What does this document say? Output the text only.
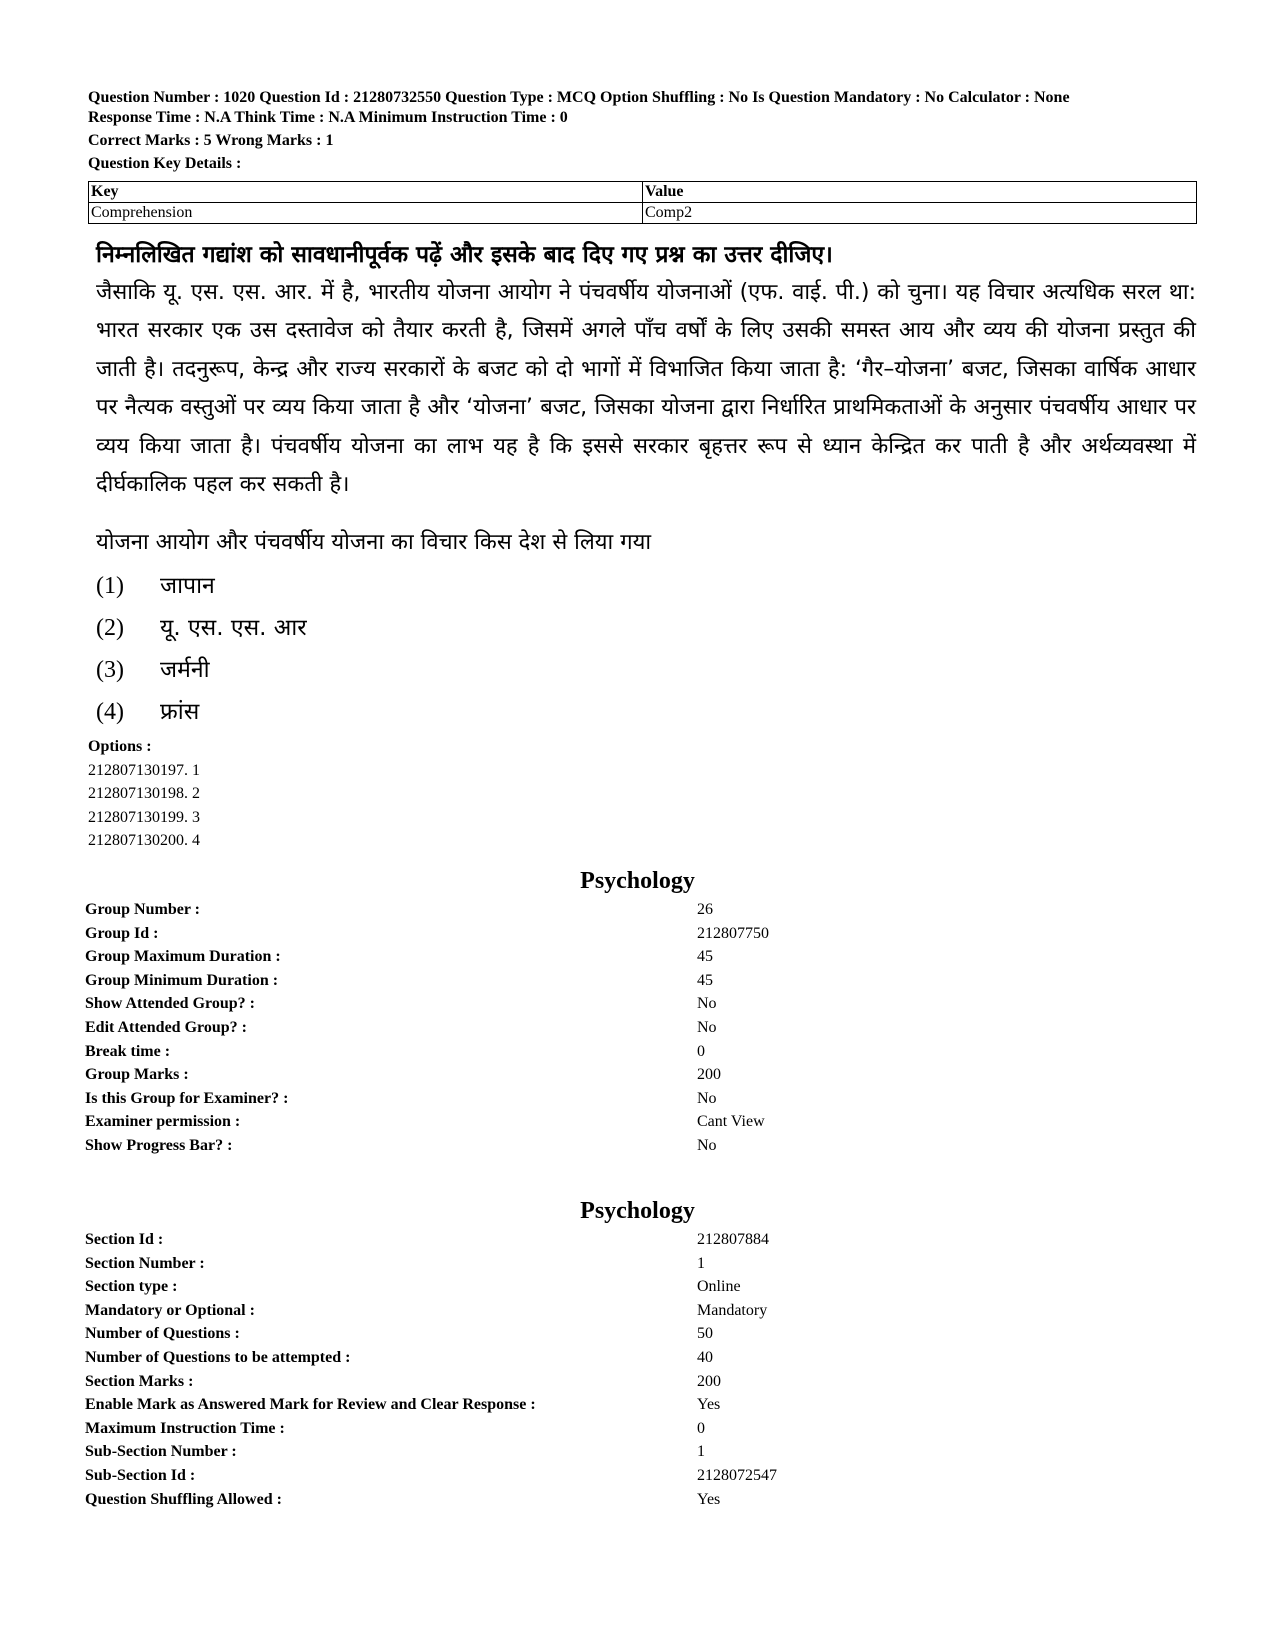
Question Number : 1020 Question Id : 21280732550 Question Type : MCQ Option Shuffling : No Is Question Mandatory : No Calculator : None
Response Time : N.A Think Time : N.A Minimum Instruction Time : 0
Correct Marks : 5 Wrong Marks : 1
Question Key Details :
Key	Value
Comprehension	Comp2
निम्नलिखित गद्यांश को सावधानीपूर्वक पढ़ें और इसके बाद दिए गए प्रश्न का उत्तर दीजिए।
जैसाकि यू. एस. एस. आर. में है, भारतीय योजना आयोग ने पंचवर्षीय योजनाओं (एफ. वाई. पी.) को चुना। यह विचार अत्यधिक सरल था: भारत सरकार एक उस दस्तावेज को तैयार करती है, जिसमें अगले पाँच वर्षों के लिए उसकी समस्त आय और व्यय की योजना प्रस्तुत की जाती है। तदनुरूप, केन्द्र और राज्य सरकारों के बजट को दो भागों में विभाजित किया जाता है: ‘गैर–योजना’ बजट, जिसका वार्षिक आधार पर नैत्यक वस्तुओं पर व्यय किया जाता है और ‘योजना’ बजट, जिसका योजना द्वारा निर्धारित प्राथमिकताओं के अनुसार पंचवर्षीय आधार पर व्यय किया जाता है। पंचवर्षीय योजना का लाभ यह है कि इससे सरकार बृहत्तर रूप से ध्यान केन्द्रित कर पाती है और अर्थव्यवस्था में दीर्घकालिक पहल कर सकती है।
योजना आयोग और पंचवर्षीय योजना का विचार किस देश से लिया गया
(1) जापान
(2) यू. एस. एस. आर
(3) जर्मनी
(4) फ्रांस
Options :
212807130197. 1
212807130198. 2
212807130199. 3
212807130200. 4
Psychology
Group Number :	26
Group Id :	212807750
Group Maximum Duration :	45
Group Minimum Duration :	45
Show Attended Group? :	No
Edit Attended Group? :	No
Break time :	0
Group Marks :	200
Is this Group for Examiner? :	No
Examiner permission :	Cant View
Show Progress Bar? :	No
Psychology
Section Id :	212807884
Section Number :	1
Section type :	Online
Mandatory or Optional :	Mandatory
Number of Questions :	50
Number of Questions to be attempted :	40
Section Marks :	200
Enable Mark as Answered Mark for Review and Clear Response :	Yes
Maximum Instruction Time :	0
Sub-Section Number :	1
Sub-Section Id :	2128072547
Question Shuffling Allowed :	Yes
